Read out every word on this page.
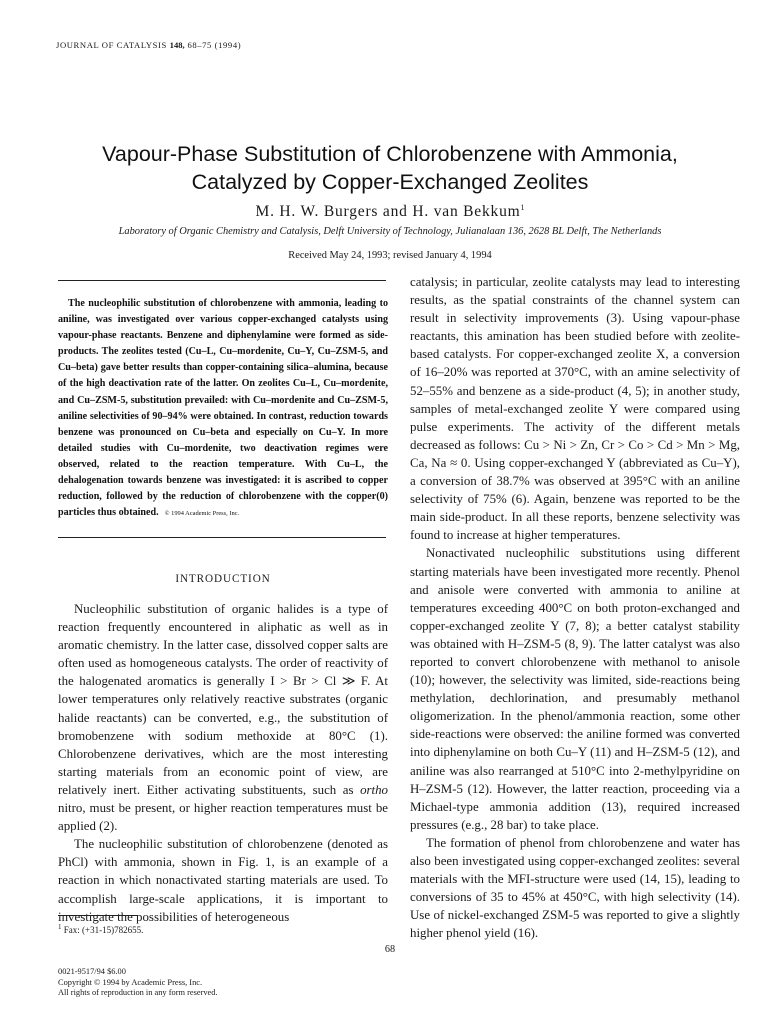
JOURNAL OF CATALYSIS 148, 68–75 (1994)
Vapour-Phase Substitution of Chlorobenzene with Ammonia,
Catalyzed by Copper-Exchanged Zeolites
M. H. W. Burgers and H. van Bekkum$^1$
Laboratory of Organic Chemistry and Catalysis, Delft University of Technology, Julianalaan 136, 2628 BL Delft, The Netherlands
Received May 24, 1993; revised January 4, 1994
The nucleophilic substitution of chlorobenzene with ammonia, leading to aniline, was investigated over various copper-exchanged catalysts using vapour-phase reactants. Benzene and diphenylamine were formed as side-products. The zeolites tested (Cu–L, Cu–mordenite, Cu–Y, Cu–ZSM-5, and Cu–beta) gave better results than copper-containing silica–alumina, because of the high deactivation rate of the latter. On zeolites Cu–L, Cu–mordenite, and Cu–ZSM-5, substitution prevailed: with Cu–mordenite and Cu–ZSM-5, aniline selectivities of 90–94% were obtained. In contrast, reduction towards benzene was pronounced on Cu–beta and especially on Cu–Y. In more detailed studies with Cu–mordenite, two deactivation regimes were observed, related to the reaction temperature. With Cu–L, the dehalogenation towards benzene was investigated: it is ascribed to copper reduction, followed by the reduction of chlorobenzene with the copper(0) particles thus obtained. © 1994 Academic Press, Inc.
INTRODUCTION

Nucleophilic substitution of organic halides is a type of reaction frequently encountered in aliphatic as well as in aromatic chemistry. In the latter case, dissolved copper salts are often used as homogeneous catalysts. The order of reactivity of the halogenated aromatics is generally I > Br > Cl ≫ F. At lower temperatures only relatively reactive substrates (organic halide reactants) can be converted, e.g., the substitution of bromobenzene with sodium methoxide at 80°C (1). Chlorobenzene derivatives, which are the most interesting starting materials from an economic point of view, are relatively inert. Either activating substituents, such as ortho nitro, must be present, or higher reaction temperatures must be applied (2).

The nucleophilic substitution of chlorobenzene (denoted as PhCl) with ammonia, shown in Fig. 1, is an example of a reaction in which nonactivated starting materials are used. To accomplish large-scale applications, it is important to investigate the possibilities of heterogeneous

catalysis; in particular, zeolite catalysts may lead to interesting results, as the spatial constraints of the channel system can result in selectivity improvements (3). Using vapour-phase reactants, this amination has been studied before with zeolite-based catalysts. For copper-exchanged zeolite X, a conversion of 16–20% was reported at 370°C, with an amine selectivity of 52–55% and benzene as a side-product (4, 5); in another study, samples of metal-exchanged zeolite Y were compared using pulse experiments. The activity of the different metals decreased as follows: Cu > Ni > Zn, Cr > Co > Cd > Mn > Mg, Ca, Na ≈ 0. Using copper-exchanged Y (abbreviated as Cu–Y), a conversion of 38.7% was observed at 395°C with an aniline selectivity of 75% (6). Again, benzene was reported to be the main side-product. In all these reports, benzene selectivity was found to increase at higher temperatures.

Nonactivated nucleophilic substitutions using different starting materials have been investigated more recently. Phenol and anisole were converted with ammonia to aniline at temperatures exceeding 400°C on both proton-exchanged and copper-exchanged zeolite Y (7, 8); a better catalyst stability was obtained with H–ZSM-5 (8, 9). The latter catalyst was also reported to convert chlorobenzene with methanol to anisole (10); however, the selectivity was limited, side-reactions being methylation, dechlorination, and presumably methanol oligomerization. In the phenol/ammonia reaction, some other side-reactions were observed: the aniline formed was converted into diphenylamine on both Cu–Y (11) and H–ZSM-5 (12), and aniline was also rearranged at 510°C into 2-methylpyridine on H–ZSM-5 (12). However, the latter reaction, proceeding via a Michael-type ammonia addition (13), required increased pressures (e.g., 28 bar) to take place.

The formation of phenol from chlorobenzene and water has also been investigated using copper-exchanged zeolites: several materials with the MFI-structure were used (14, 15), leading to conversions of 35 to 45% at 450°C, with high selectivity (14). Use of nickel-exchanged ZSM-5 was reported to give a slightly higher phenol yield (16).

$^1$ Fax: (+31-15)782655.
68
0021-9517/94 $6.00
Copyright © 1994 by Academic Press, Inc.
All rights of reproduction in any form reserved.
